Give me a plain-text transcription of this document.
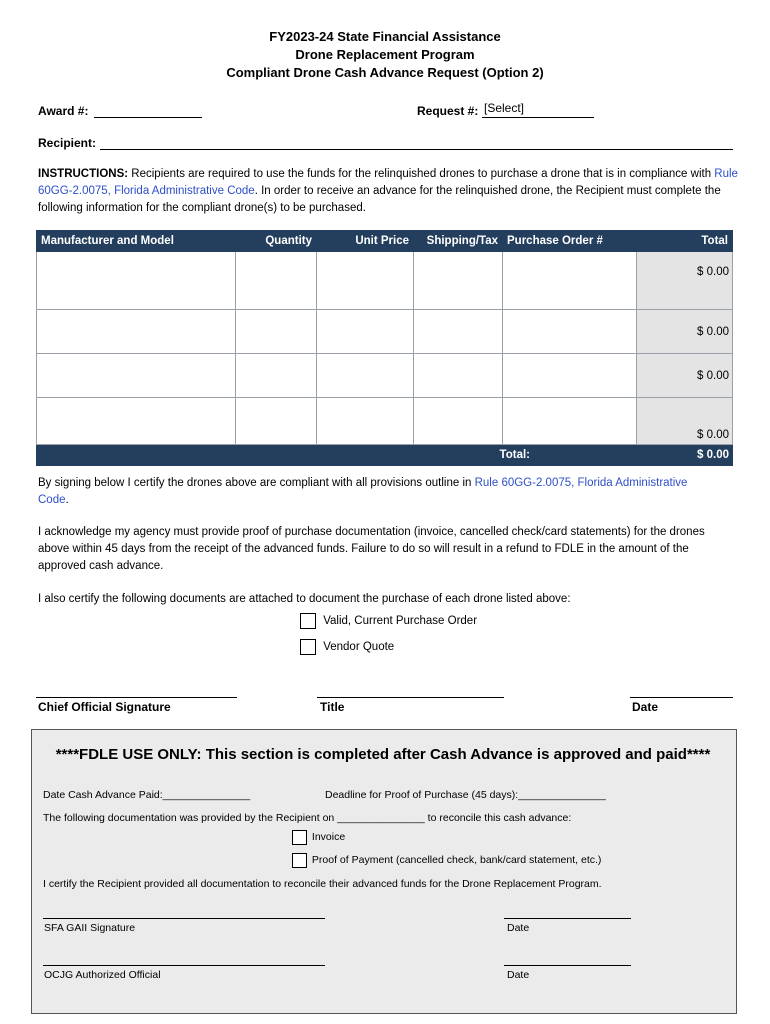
FY2023-24 State Financial Assistance
Drone Replacement Program
Compliant Drone Cash Advance Request (Option 2)
Award #:	Request #: [Select]
Recipient:
INSTRUCTIONS: Recipients are required to use the funds for the relinquished drones to purchase a drone that is in compliance with Rule 60GG-2.0075, Florida Administrative Code. In order to receive an advance for the relinquished drone, the Recipient must complete the following information for the compliant drone(s) to be purchased.
Manufacturer and Model	Quantity	Unit Price	Shipping/Tax	Purchase Order #	Total
					$ 0.00
					$ 0.00
					$ 0.00
					$ 0.00
Total:					$ 0.00
By signing below I certify the drones above are compliant with all provisions outline in Rule 60GG-2.0075, Florida Administrative Code.
I acknowledge my agency must provide proof of purchase documentation (invoice, cancelled check/card statements) for the drones above within 45 days from the receipt of the advanced funds. Failure to do so will result in a refund to FDLE in the amount of the approved cash advance.
I also certify the following documents are attached to document the purchase of each drone listed above:
Valid, Current Purchase Order
Vendor Quote
Chief Official Signature	Title	Date
****FDLE USE ONLY: This section is completed after Cash Advance is approved and paid****
Date Cash Advance Paid:_______________	Deadline for Proof of Purchase (45 days):_______________
The following documentation was provided by the Recipient on _______________ to reconcile this cash advance:
Invoice
Proof of Payment (cancelled check, bank/card statement, etc.)
I certify the Recipient provided all documentation to reconcile their advanced funds for the Drone Replacement Program.
SFA GAII Signature	Date
OCJG Authorized Official	Date
